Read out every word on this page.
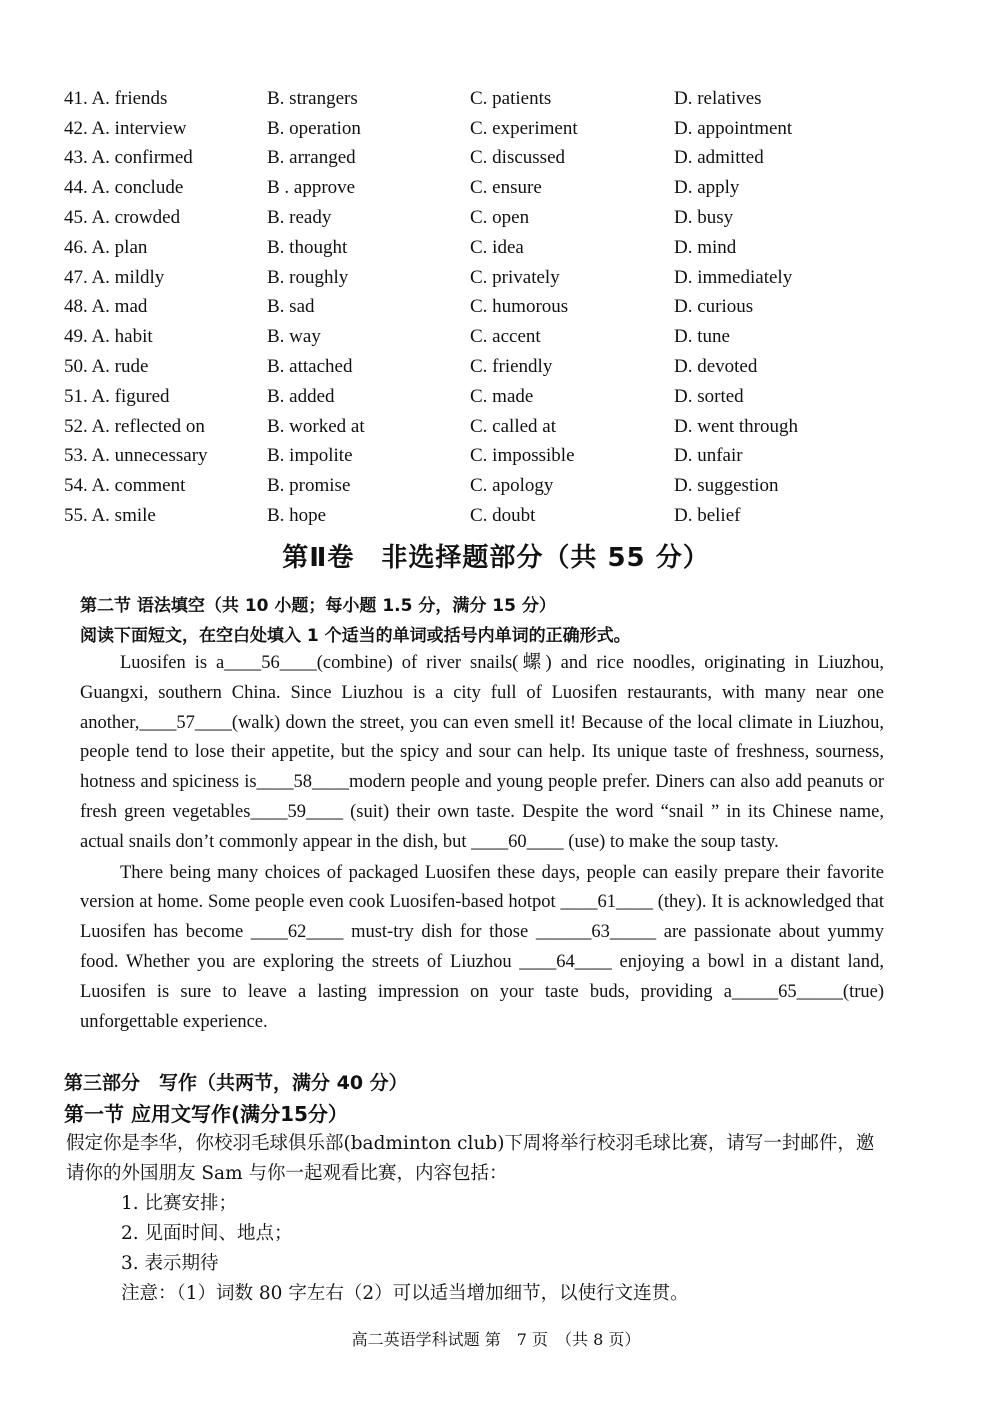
41. A. friends	B. strangers	C. patients	D. relatives
42. A. interview	B. operation	C. experiment	D. appointment
43. A. confirmed	B. arranged	C. discussed	D. admitted
44. A. conclude	B . approve	C. ensure	D. apply
45. A. crowded	B. ready	C. open	D. busy
46. A. plan	B. thought	C. idea	D. mind
47. A. mildly	B. roughly	C. privately	D. immediately
48. A. mad	B. sad	C. humorous	D. curious
49. A. habit	B. way	C. accent	D. tune
50. A. rude	B. attached	C. friendly	D. devoted
51. A. figured	B. added	C. made	D. sorted
52. A. reflected on	B. worked at	C. called at	D. went through
53. A. unnecessary	B. impolite	C. impossible	D. unfair
54. A. comment	B. promise	C. apology	D. suggestion
55. A. smile	B. hope	C. doubt	D. belief
第Ⅱ卷　非选择题部分（共 55 分）
第二节 语法填空（共 10 小题；每小题 1.5 分，满分 15 分）
阅读下面短文，在空白处填入 1 个适当的单词或括号内单词的正确形式。

Luosifen is a____56____(combine) of river snails(螺) and rice noodles, originating in Liuzhou, Guangxi, southern China. Since Liuzhou is a city full of Luosifen restaurants, with many near one another,____57____(walk) down the street, you can even smell it! Because of the local climate in Liuzhou, people tend to lose their appetite, but the spicy and sour can help. Its unique taste of freshness, sourness, hotness and spiciness is____58____modern people and young people prefer. Diners can also add peanuts or fresh green vegetables____59____ (suit) their own taste. Despite the word “snail ” in its Chinese name, actual snails don’t commonly appear in the dish, but ____60____ (use) to make the soup tasty.

There being many choices of packaged Luosifen these days, people can easily prepare their favorite version at home. Some people even cook Luosifen-based hotpot ____61____ (they). It is acknowledged that Luosifen has become ____62____ must-try dish for those ______63_____ are passionate about yummy food. Whether you are exploring the streets of Liuzhou ____64____ enjoying a bowl in a distant land, Luosifen is sure to leave a lasting impression on your taste buds, providing a_____65_____(true) unforgettable experience.

第三部分　写作（共两节，满分 40 分）
第一节 应用文写作(满分15分）
假定你是李华，你校羽毛球俱乐部(badminton club)下周将举行校羽毛球比赛，请写一封邮件，邀
请你的外国朋友 Sam 与你一起观看比赛，内容包括：
1. 比赛安排；
2. 见面时间、地点；
3. 表示期待
注意：（1）词数 80 字左右（2）可以适当增加细节，以使行文连贯。
高二英语学科试题 第　7 页　（共 8 页）
